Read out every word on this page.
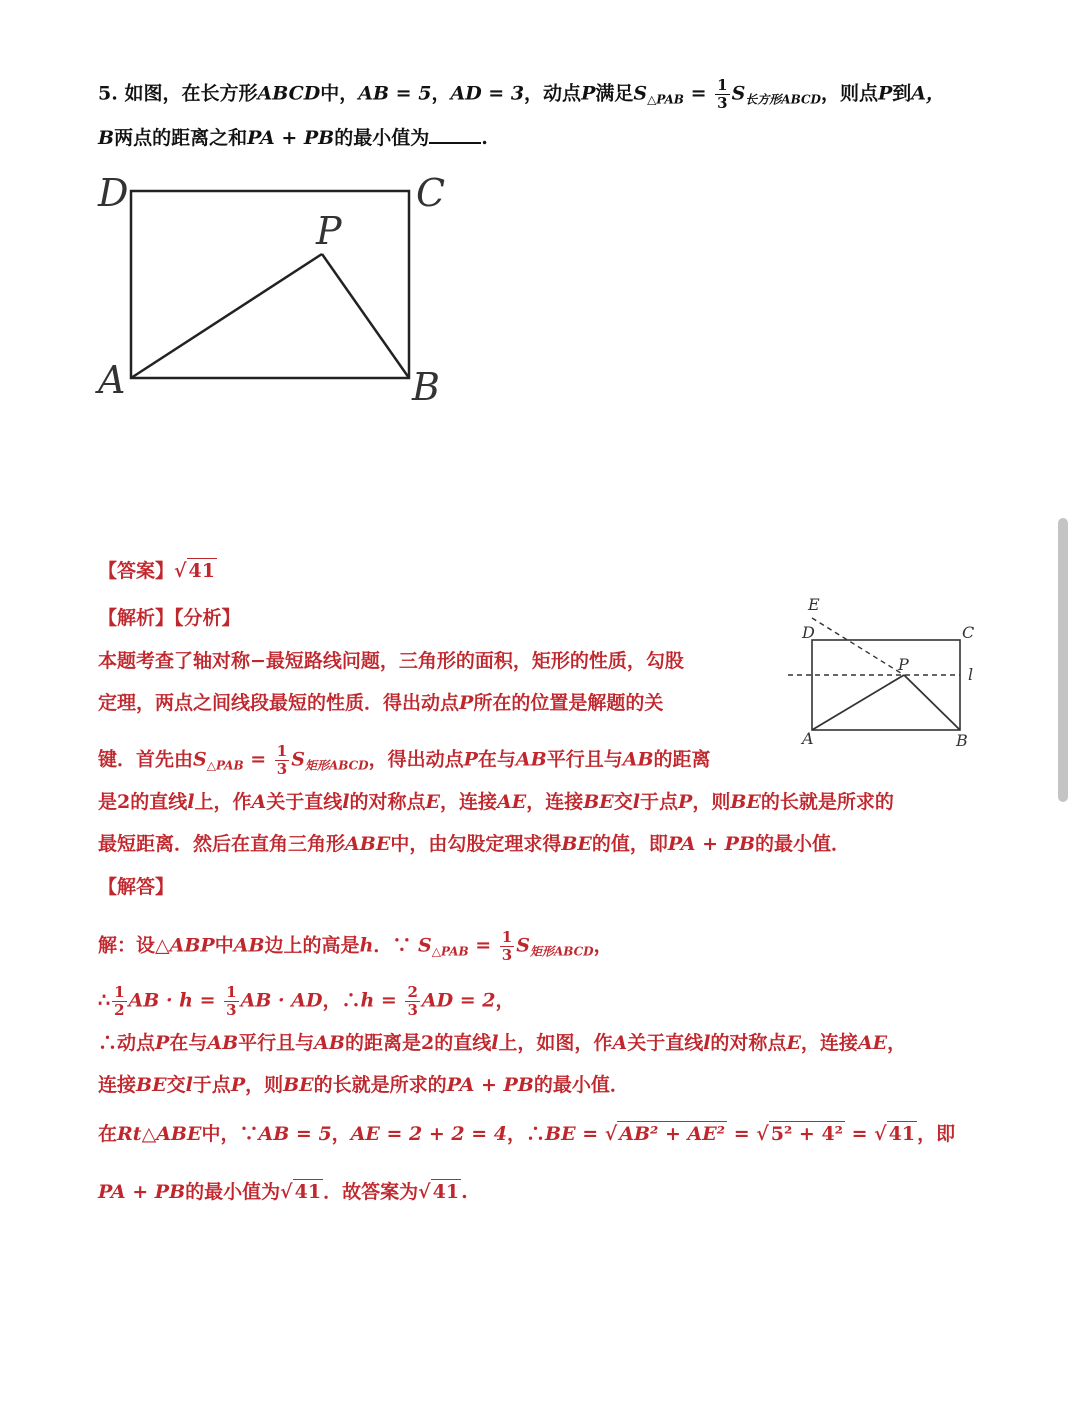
5. 如图，在长方形ABCD中，AB = 5，AD = 3，动点P满足$S_{\triangle PAB} = \frac{1}{3} S_{长方形ABCD}$，则点P到A，
B两点的距离之和PA + PB的最小值为	.
D	C
P
A	B
【答案】√ 41
【解析】【分析】
本题考查了轴对称−最短路线问题，三角形的面积，矩形的性质，勾股
定理，两点之间线段最短的性质．得出动点P所在的位置是解题的关
键．首先由$S_{\triangle PAB} = \frac{1}{3} S_{矩形ABCD}$，得出动点P在与AB平行且与AB的距离
是2的直线l上，作A关于直线l的对称点E，连接AE，连接BE交l于点P，则BE的长就是所求的
最短距离．然后在直角三角形ABE中，由勾股定理求得BE的值，即PA + PB的最小值．
E
D	C
P
l
A	B
【解答】
解：设△ABP中AB边上的高是h．∵ $S_{\triangle PAB} = \frac{1}{3} S_{矩形ABCD}$，
∴ $\frac{1}{2}$ AB · $h = \frac{1}{3}$ AB · AD，∴h = $\frac{2}{3}$ AD = 2，
∴动点P在与AB平行且与AB的距离是2的直线l上，如图，作A关于直线l的对称点E，连接AE，
连接BE交l于点P，则BE的长就是所求的PA + PB的最小值．
在Rt△ABE中，∵AB = 5，AE = 2 + 2 = 4，∴BE = √ AB² + AE² = √ 5² + 4² = √ 41 ，即
PA + PB的最小值为√ 41 ．故答案为√ 41 .
